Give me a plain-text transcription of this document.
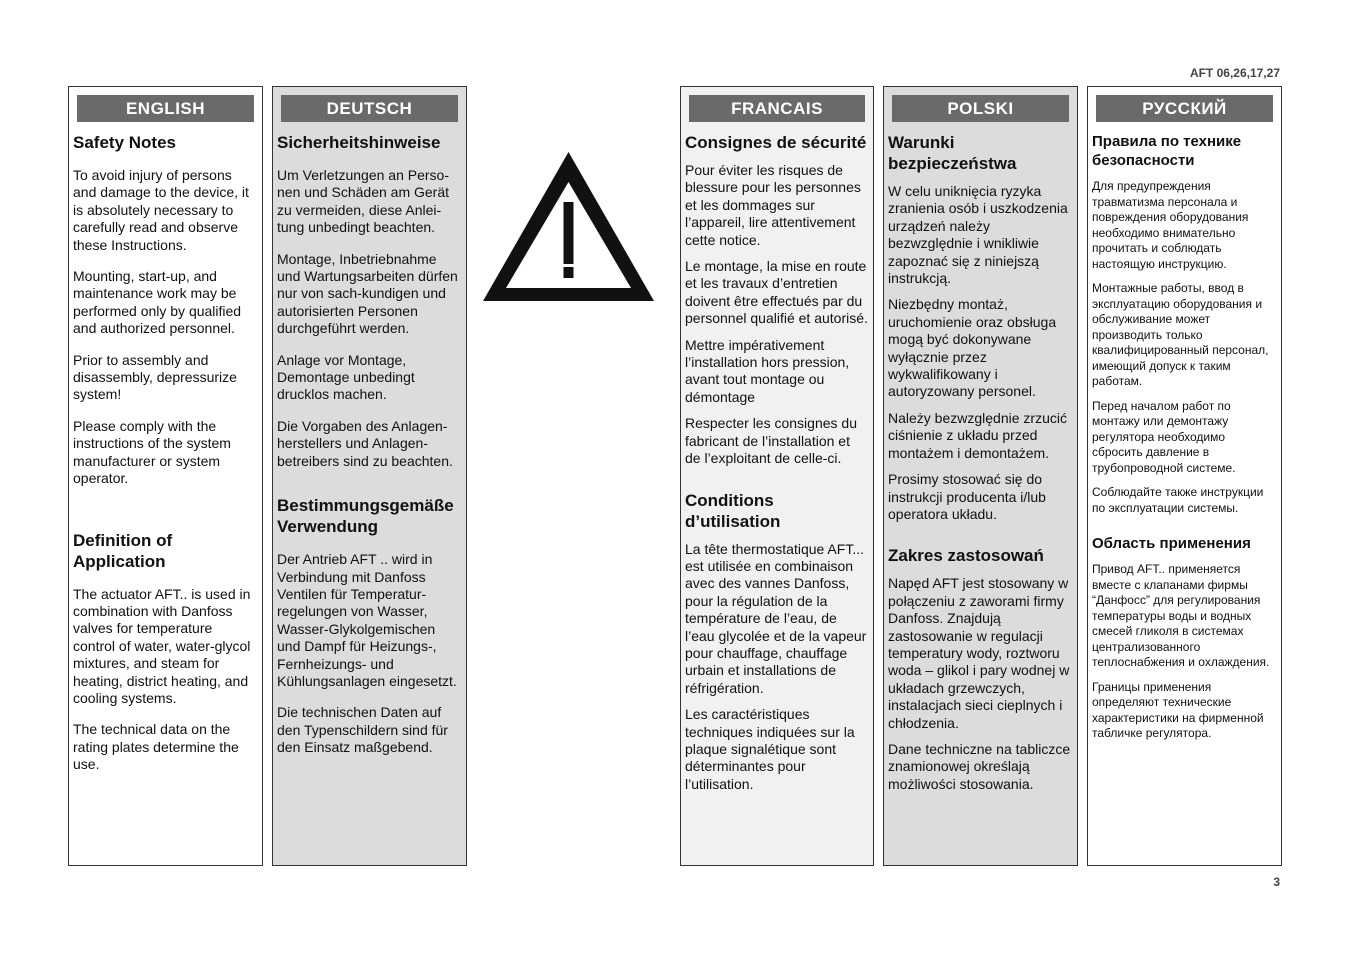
AFT 06,26,17,27
ENGLISH
Safety Notes
To avoid injury of persons and damage to the device, it is absolutely necessary to carefully read and observe these Instructions.
Mounting, start-up, and maintenance work may be performed only by qualified and authorized personnel.
Prior to assembly and disassembly, depressurize system!
Please comply with the instructions of the system manufacturer or system operator.
Definition of Application
The actuator AFT.. is used in combination with Danfoss valves for temperature control of water, water-glycol mixtures, and steam for heating, district heating, and cooling systems.
The technical data on the rating plates determine the use.
DEUTSCH
Sicherheitshinweise
Um Verletzungen an Perso-nen und Schäden am Gerät zu vermeiden, diese Anlei-tung unbedingt beachten.
Montage, Inbetriebnahme und Wartungsarbeiten dürfen nur von sach-kundigen und autorisierten Personen durchgeführt werden.
Anlage vor Montage, Demontage unbedingt drucklos machen.
Die Vorgaben des Anlagen-herstellers und Anlagen-betreibers sind zu beachten.
Bestimmungsgemäße Verwendung
Der Antrieb AFT .. wird in Verbindung mit Danfoss Ventilen für Temperatur-regelungen von Wasser, Wasser-Glykolgemischen und Dampf für Heizungs-, Fernheizungs- und Kühlungsanlagen eingesetzt.
Die technischen Daten auf den Typenschildern sind für den Einsatz maßgebend.
FRANCAIS
Consignes de sécurité
Pour éviter les risques de blessure pour les personnes et les dommages sur l’appareil, lire attentivement cette notice.
Le montage, la mise en route et les travaux d’entretien doivent être effectués par du personnel qualifié et autorisé.
Mettre impérativement l’installation hors pression, avant tout montage ou démontage
Respecter les consignes du fabricant de l’installation et de l’exploitant de celle-ci.
Conditions d’utilisation
La tête thermostatique AFT... est utilisée en combinaison avec des vannes Danfoss, pour la régulation de la température de l’eau, de l’eau glycolée et de la vapeur pour chauffage, chauffage urbain et installations de réfrigération.
Les caractéristiques techniques indiquées sur la plaque signalétique sont déterminantes pour l’utilisation.
POLSKI
Warunki bezpieczeństwa
W celu uniknięcia ryzyka zranienia osób i uszkodzenia urządzeń należy bezwzględnie i wnikliwie zapoznać się z niniejszą instrukcją.
Niezbędny montaż, uruchomienie oraz obsługa mogą być dokonywane wyłącznie przez wykwalifikowany i autoryzowany personel.
Należy bezwzględnie zrzucić ciśnienie z układu przed montażem i demontażem.
Prosimy stosować się do instrukcji producenta i/lub operatora układu.
Zakres zastosowań
Napęd AFT jest stosowany w połączeniu z zaworami firmy Danfoss. Znajdują zastosowanie w regulacji temperatury wody, roztworu woda – glikol i pary wodnej w układach grzewczych, instalacjach sieci cieplnych i chłodzenia.
Dane techniczne na tabliczce znamionowej określają możliwości stosowania.
РУССКИЙ
Правила по технике безопасности
Для предупреждения травматизма персонала и повреждения оборудования необходимо внимательно прочитать и соблюдать настоящую инструкцию.
Монтажные работы, ввод в эксплуатацию оборудования и обслуживание может производить только квалифицированный персонал, имеющий допуск к таким работам.
Перед началом работ по монтажу или демонтажу регулятора необходимо сбросить давление в трубопроводной системе.
Соблюдайте также инструкции по эксплуатации системы.
Область применения
Привод AFT.. применяется вместе с клапанами фирмы “Данфосс” для регулирования температуры воды и водных смесей гликоля в системах централизованного теплоснабжения и охлаждения.
Границы применения определяют технические характеристики на фирменной табличке регулятора.
3
